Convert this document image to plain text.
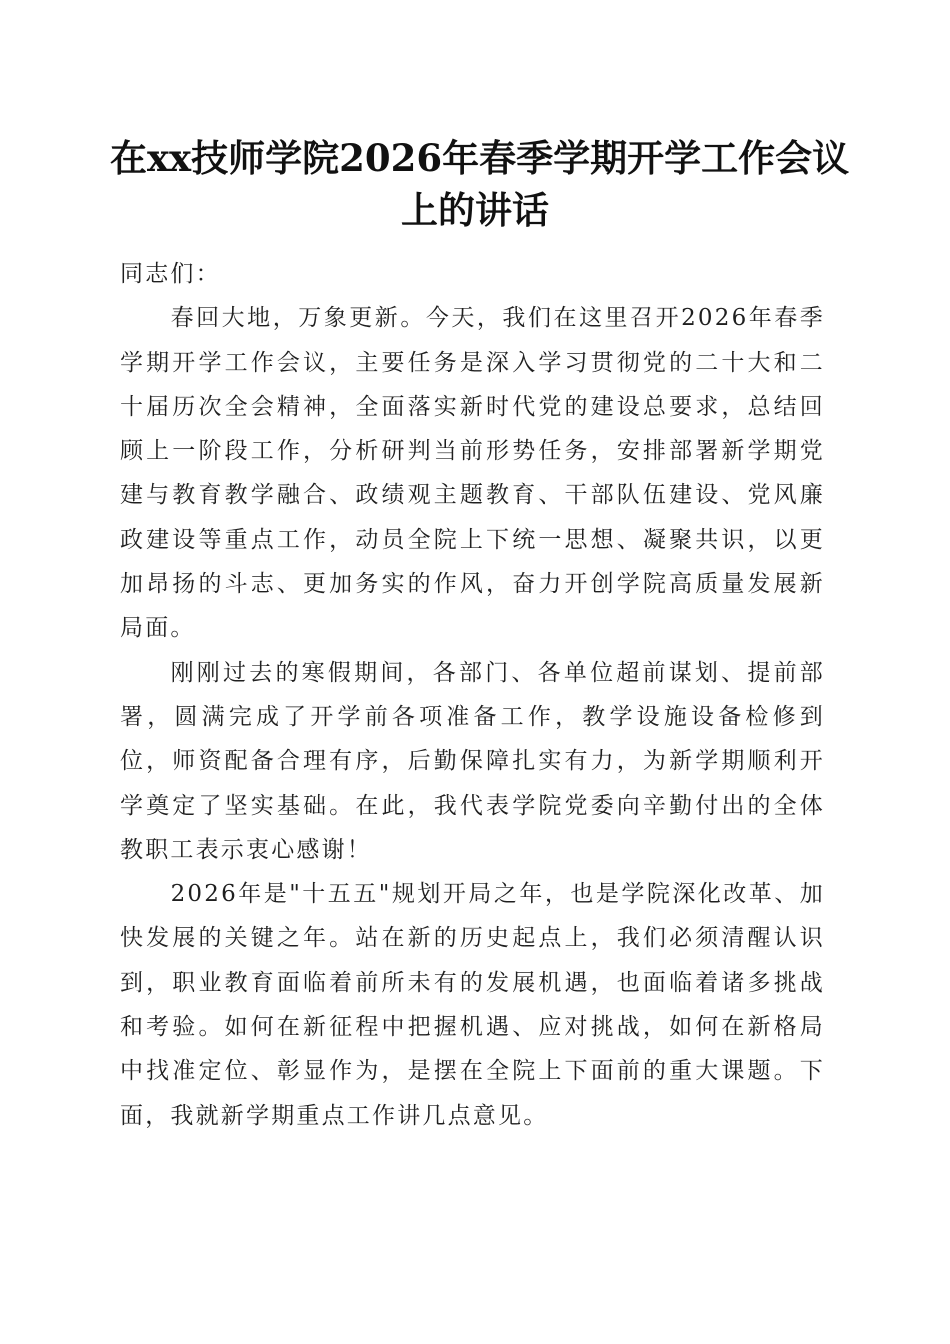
在xx技师学院2026年春季学期开学工作会议
上的讲话

同志们：

春回大地，万象更新。今天，我们在这里召开2026年春季学期开学工作会议，主要任务是深入学习贯彻党的二十大和二十届历次全会精神，全面落实新时代党的建设总要求，总结回顾上一阶段工作，分析研判当前形势任务，安排部署新学期党建与教育教学融合、政绩观主题教育、干部队伍建设、党风廉政建设等重点工作，动员全院上下统一思想、凝聚共识，以更加昂扬的斗志、更加务实的作风，奋力开创学院高质量发展新局面。

刚刚过去的寒假期间，各部门、各单位超前谋划、提前部署，圆满完成了开学前各项准备工作，教学设施设备检修到位，师资配备合理有序，后勤保障扎实有力，为新学期顺利开学奠定了坚实基础。在此，我代表学院党委向辛勤付出的全体教职工表示衷心感谢！

2026年是"十五五"规划开局之年，也是学院深化改革、加快发展的关键之年。站在新的历史起点上，我们必须清醒认识到，职业教育面临着前所未有的发展机遇，也面临着诸多挑战和考验。如何在新征程中把握机遇、应对挑战，如何在新格局中找准定位、彰显作为，是摆在全院上下面前的重大课题。下面，我就新学期重点工作讲几点意见。
